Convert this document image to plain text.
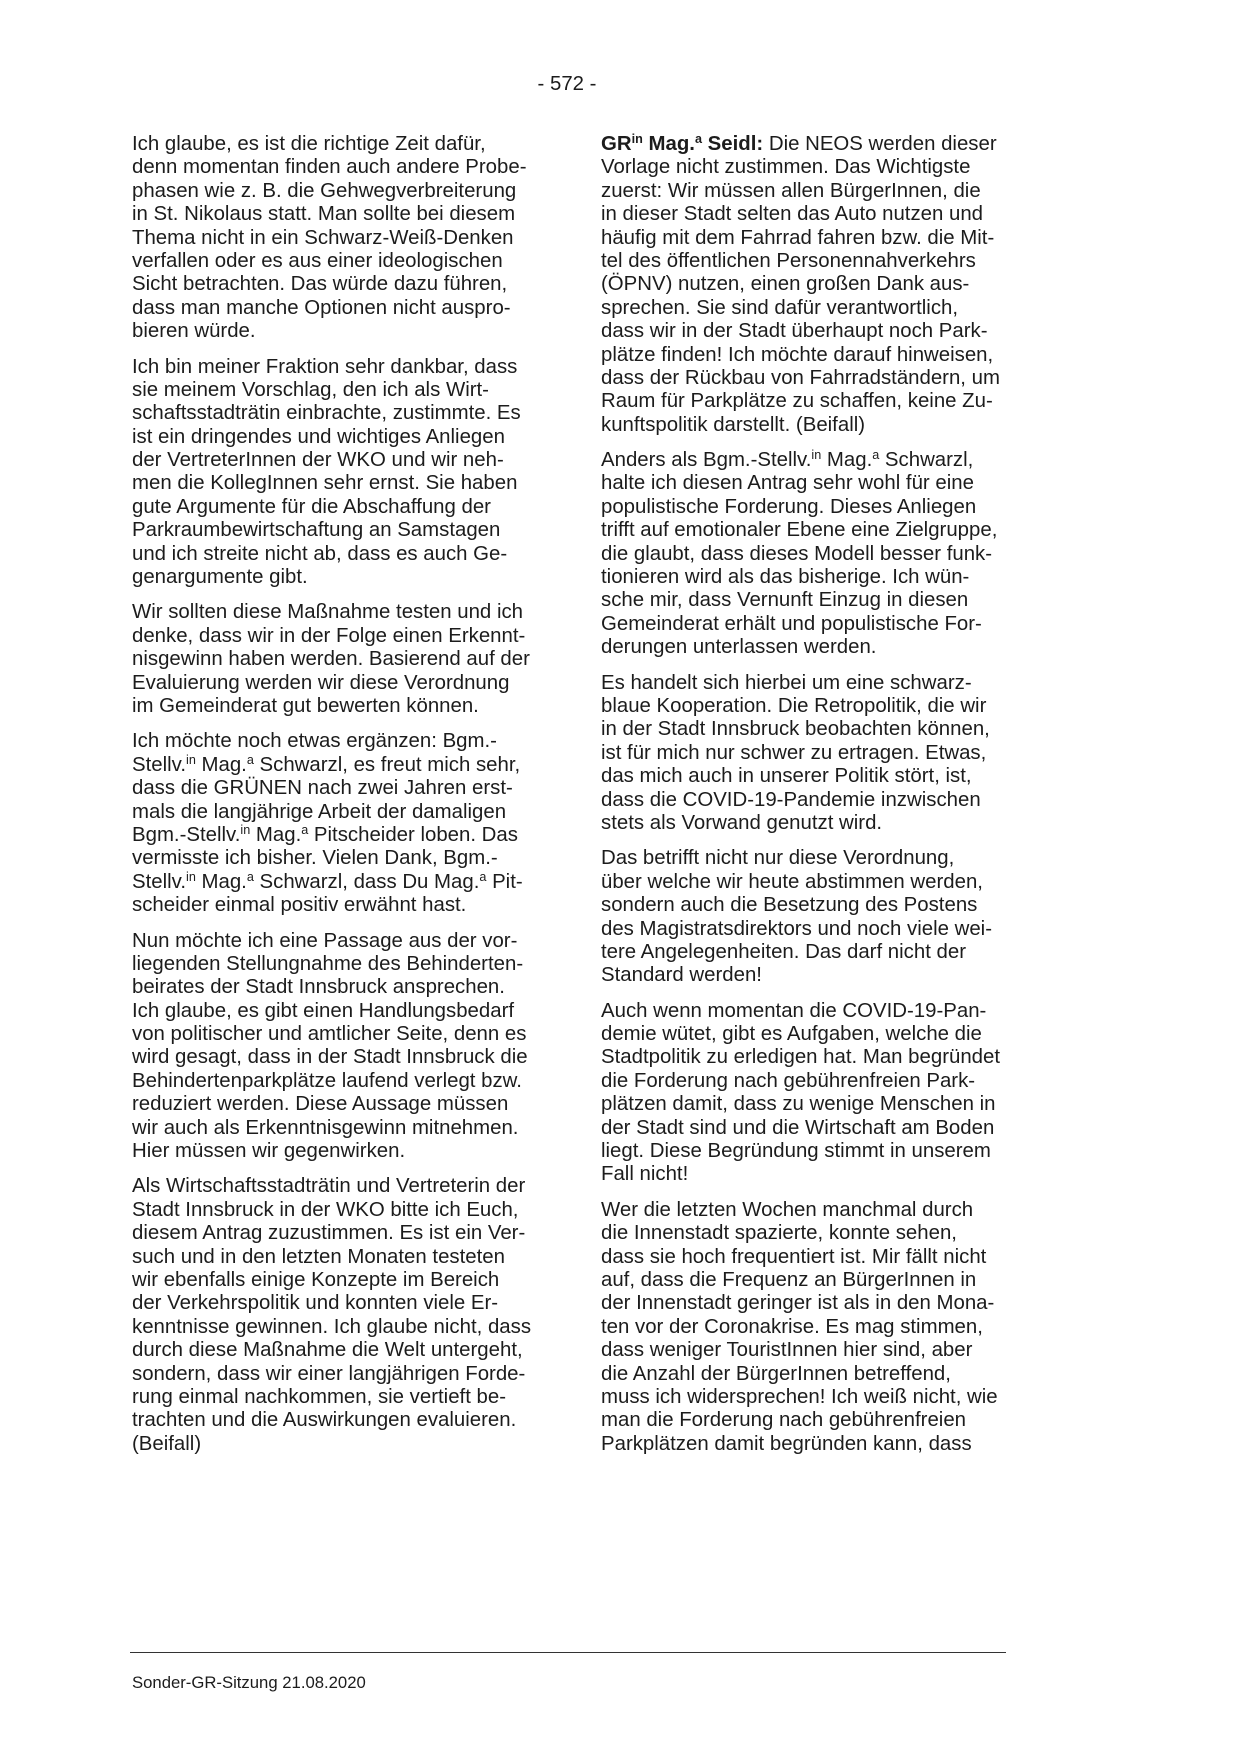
- 572 -
Ich glaube, es ist die richtige Zeit dafür,
denn momentan finden auch andere Probe-
phasen wie z. B. die Gehwegverbreiterung
in St. Nikolaus statt. Man sollte bei diesem
Thema nicht in ein Schwarz-Weiß-Denken
verfallen oder es aus einer ideologischen
Sicht betrachten. Das würde dazu führen,
dass man manche Optionen nicht auspro-
bieren würde.
Ich bin meiner Fraktion sehr dankbar, dass
sie meinem Vorschlag, den ich als Wirt-
schaftsstadträtin einbrachte, zustimmte. Es
ist ein dringendes und wichtiges Anliegen
der VertreterInnen der WKO und wir neh-
men die KollegInnen sehr ernst. Sie haben
gute Argumente für die Abschaffung der
Parkraumbewirtschaftung an Samstagen
und ich streite nicht ab, dass es auch Ge-
genargumente gibt.
Wir sollten diese Maßnahme testen und ich
denke, dass wir in der Folge einen Erkennt-
nisgewinn haben werden. Basierend auf der
Evaluierung werden wir diese Verordnung
im Gemeinderat gut bewerten können.
Ich möchte noch etwas ergänzen: Bgm.-
Stellv.$^{in}$ Mag.$^a$ Schwarzl, es freut mich sehr,
dass die GRÜNEN nach zwei Jahren erst-
mals die langjährige Arbeit der damaligen
Bgm.-Stellv.$^{in}$ Mag.$^a$ Pitscheider loben. Das
vermisste ich bisher. Vielen Dank, Bgm.-
Stellv.$^{in}$ Mag.$^a$ Schwarzl, dass Du Mag.$^a$ Pit-
scheider einmal positiv erwähnt hast.
Nun möchte ich eine Passage aus der vor-
liegenden Stellungnahme des Behinderten-
beirates der Stadt Innsbruck ansprechen.
Ich glaube, es gibt einen Handlungsbedarf
von politischer und amtlicher Seite, denn es
wird gesagt, dass in der Stadt Innsbruck die
Behindertenparkplätze laufend verlegt bzw.
reduziert werden. Diese Aussage müssen
wir auch als Erkenntnisgewinn mitnehmen.
Hier müssen wir gegenwirken.
Als Wirtschaftsstadträtin und Vertreterin der
Stadt Innsbruck in der WKO bitte ich Euch,
diesem Antrag zuzustimmen. Es ist ein Ver-
such und in den letzten Monaten testeten
wir ebenfalls einige Konzepte im Bereich
der Verkehrspolitik und konnten viele Er-
kenntnisse gewinnen. Ich glaube nicht, dass
durch diese Maßnahme die Welt untergeht,
sondern, dass wir einer langjährigen Forde-
rung einmal nachkommen, sie vertieft be-
trachten und die Auswirkungen evaluieren.
(Beifall)
$GR^{in}$ Mag.$^a$ Seidl: Die NEOS werden dieser
Vorlage nicht zustimmen. Das Wichtigste
zuerst: Wir müssen allen BürgerInnen, die
in dieser Stadt selten das Auto nutzen und
häufig mit dem Fahrrad fahren bzw. die Mit-
tel des öffentlichen Personennahverkehrs
(ÖPNV) nutzen, einen großen Dank aus-
sprechen. Sie sind dafür verantwortlich,
dass wir in der Stadt überhaupt noch Park-
plätze finden! Ich möchte darauf hinweisen,
dass der Rückbau von Fahrradständern, um
Raum für Parkplätze zu schaffen, keine Zu-
kunftspolitik darstellt. (Beifall)
Anders als Bgm.-Stellv.$^{in}$ Mag.$^a$ Schwarzl,
halte ich diesen Antrag sehr wohl für eine
populistische Forderung. Dieses Anliegen
trifft auf emotionaler Ebene eine Zielgruppe,
die glaubt, dass dieses Modell besser funk-
tionieren wird als das bisherige. Ich wün-
sche mir, dass Vernunft Einzug in diesen
Gemeinderat erhält und populistische For-
derungen unterlassen werden.
Es handelt sich hierbei um eine schwarz-
blaue Kooperation. Die Retropolitik, die wir
in der Stadt Innsbruck beobachten können,
ist für mich nur schwer zu ertragen. Etwas,
das mich auch in unserer Politik stört, ist,
dass die COVID-19-Pandemie inzwischen
stets als Vorwand genutzt wird.
Das betrifft nicht nur diese Verordnung,
über welche wir heute abstimmen werden,
sondern auch die Besetzung des Postens
des Magistratsdirektors und noch viele wei-
tere Angelegenheiten. Das darf nicht der
Standard werden!
Auch wenn momentan die COVID-19-Pan-
demie wütet, gibt es Aufgaben, welche die
Stadtpolitik zu erledigen hat. Man begründet
die Forderung nach gebührenfreien Park-
plätzen damit, dass zu wenige Menschen in
der Stadt sind und die Wirtschaft am Boden
liegt. Diese Begründung stimmt in unserem
Fall nicht!
Wer die letzten Wochen manchmal durch
die Innenstadt spazierte, konnte sehen,
dass sie hoch frequentiert ist. Mir fällt nicht
auf, dass die Frequenz an BürgerInnen in
der Innenstadt geringer ist als in den Mona-
ten vor der Coronakrise. Es mag stimmen,
dass weniger TouristInnen hier sind, aber
die Anzahl der BürgerInnen betreffend,
muss ich widersprechen! Ich weiß nicht, wie
man die Forderung nach gebührenfreien
Parkplätzen damit begründen kann, dass
Sonder-GR-Sitzung 21.08.2020
